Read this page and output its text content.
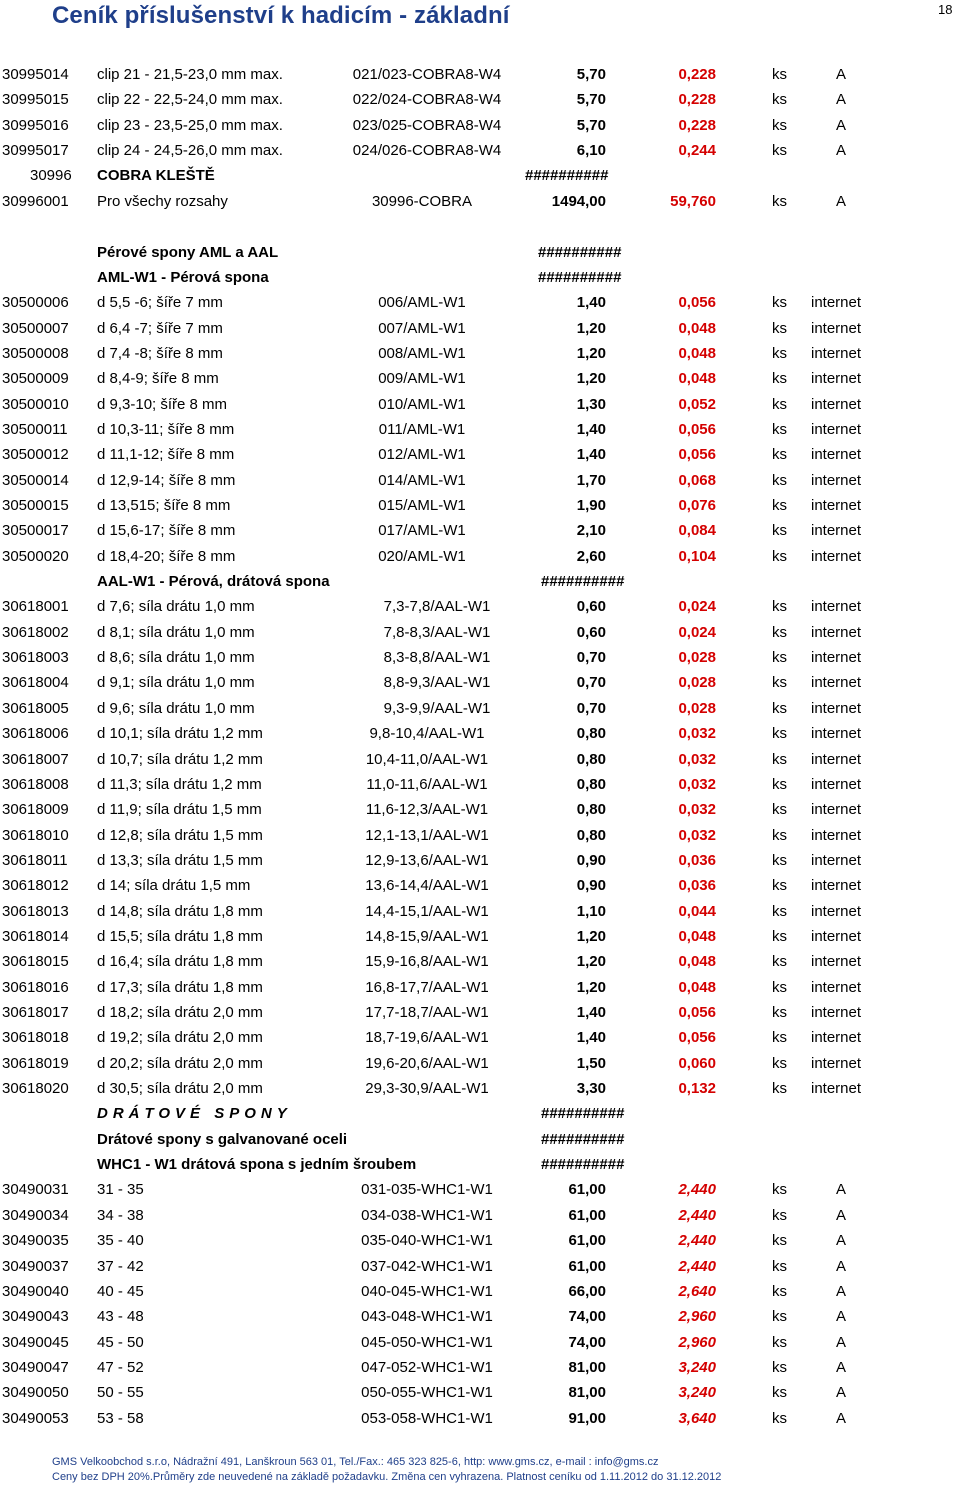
Ceník příslušenství k hadicím - základní	18
30995014 clip 21 - 21,5-23,0 mm max.	021/023-COBRA8-W4	5,70	0,228	ks	A
30995015 clip 22 - 22,5-24,0 mm max.	022/024-COBRA8-W4	5,70	0,228	ks	A
30995016 clip 23 - 23,5-25,0 mm max.	023/025-COBRA8-W4	5,70	0,228	ks	A
30995017 clip 24 - 24,5-26,0 mm max.	024/026-COBRA8-W4	6,10	0,244	ks	A
30996 COBRA KLEŠTĚ	##########
30996001 Pro všechy rozsahy	30996-COBRA	1494,00	59,760	ks	A
Pérové spony AML a AAL	##########
AML-W1 - Pérová spona	##########
30500006 d 5,5 -6; šíře 7 mm	006/AML-W1	1,40	0,056	ks internet
30500007 d 6,4 -7; šíře 7 mm	007/AML-W1	1,20	0,048	ks internet
30500008 d 7,4 -8; šíře 8 mm	008/AML-W1	1,20	0,048	ks internet
30500009 d 8,4-9; šíře 8 mm	009/AML-W1	1,20	0,048	ks internet
30500010 d 9,3-10; šíře 8 mm	010/AML-W1	1,30	0,052	ks internet
30500011 d 10,3-11; šíře 8 mm	011/AML-W1	1,40	0,056	ks internet
30500012 d 11,1-12; šíře 8 mm	012/AML-W1	1,40	0,056	ks internet
30500014 d 12,9-14; šíře 8 mm	014/AML-W1	1,70	0,068	ks internet
30500015 d 13,515; šíře 8 mm	015/AML-W1	1,90	0,076	ks internet
30500017 d 15,6-17; šíře 8 mm	017/AML-W1	2,10	0,084	ks internet
30500020 d 18,4-20; šíře 8 mm	020/AML-W1	2,60	0,104	ks internet
AAL-W1 - Pérová, drátová spona	##########
30618001 d 7,6; síla drátu 1,0 mm	7,3-7,8/AAL-W1	0,60	0,024	ks internet
30618002 d 8,1; síla drátu 1,0 mm	7,8-8,3/AAL-W1	0,60	0,024	ks internet
30618003 d 8,6; síla drátu 1,0 mm	8,3-8,8/AAL-W1	0,70	0,028	ks internet
30618004 d 9,1; síla drátu 1,0 mm	8,8-9,3/AAL-W1	0,70	0,028	ks internet
30618005 d 9,6; síla drátu 1,0 mm	9,3-9,9/AAL-W1	0,70	0,028	ks internet
30618006 d 10,1; síla drátu 1,2 mm	9,8-10,4/AAL-W1	0,80	0,032	ks internet
30618007 d 10,7; síla drátu 1,2 mm	10,4-11,0/AAL-W1	0,80	0,032	ks internet
30618008 d 11,3; síla drátu 1,2 mm	11,0-11,6/AAL-W1	0,80	0,032	ks internet
30618009 d 11,9; síla drátu 1,5 mm	11,6-12,3/AAL-W1	0,80	0,032	ks internet
30618010 d 12,8; síla drátu 1,5 mm	12,1-13,1/AAL-W1	0,80	0,032	ks internet
30618011 d 13,3; síla drátu 1,5 mm	12,9-13,6/AAL-W1	0,90	0,036	ks internet
30618012 d 14; síla drátu 1,5 mm	13,6-14,4/AAL-W1	0,90	0,036	ks internet
30618013 d 14,8; síla drátu 1,8 mm	14,4-15,1/AAL-W1	1,10	0,044	ks internet
30618014 d 15,5; síla drátu 1,8 mm	14,8-15,9/AAL-W1	1,20	0,048	ks internet
30618015 d 16,4; síla drátu 1,8 mm	15,9-16,8/AAL-W1	1,20	0,048	ks internet
30618016 d 17,3; síla drátu 1,8 mm	16,8-17,7/AAL-W1	1,20	0,048	ks internet
30618017 d 18,2; síla drátu 2,0 mm	17,7-18,7/AAL-W1	1,40	0,056	ks internet
30618018 d 19,2; síla drátu 2,0 mm	18,7-19,6/AAL-W1	1,40	0,056	ks internet
30618019 d 20,2; síla drátu 2,0 mm	19,6-20,6/AAL-W1	1,50	0,060	ks internet
30618020 d 30,5; síla drátu 2,0 mm	29,3-30,9/AAL-W1	3,30	0,132	ks internet
DRÁTOVÉ SPONY	##########
Drátové spony s galvanované oceli	##########
WHC1 - W1 drátová spona s jedním šroubem	##########
30490031 31 - 35	031-035-WHC1-W1	61,00	2,440	ks	A
30490034 34 - 38	034-038-WHC1-W1	61,00	2,440	ks	A
30490035 35 - 40	035-040-WHC1-W1	61,00	2,440	ks	A
30490037 37 - 42	037-042-WHC1-W1	61,00	2,440	ks	A
30490040 40 - 45	040-045-WHC1-W1	66,00	2,640	ks	A
30490043 43 - 48	043-048-WHC1-W1	74,00	2,960	ks	A
30490045 45 - 50	045-050-WHC1-W1	74,00	2,960	ks	A
30490047 47 - 52	047-052-WHC1-W1	81,00	3,240	ks	A
30490050 50 - 55	050-055-WHC1-W1	81,00	3,240	ks	A
30490053 53 - 58	053-058-WHC1-W1	91,00	3,640	ks	A
GMS Velkoobchod s.r.o, Nádražní 491, Lanškroun 563 01, Tel./Fax.: 465 323 825-6, http: www.gms.cz, e-mail : info@gms.cz
Ceny bez DPH 20%.Průměry zde neuvedené na základě požadavku. Změna cen vyhrazena. Platnost ceníku od 1.11.2012 do 31.12.2012
